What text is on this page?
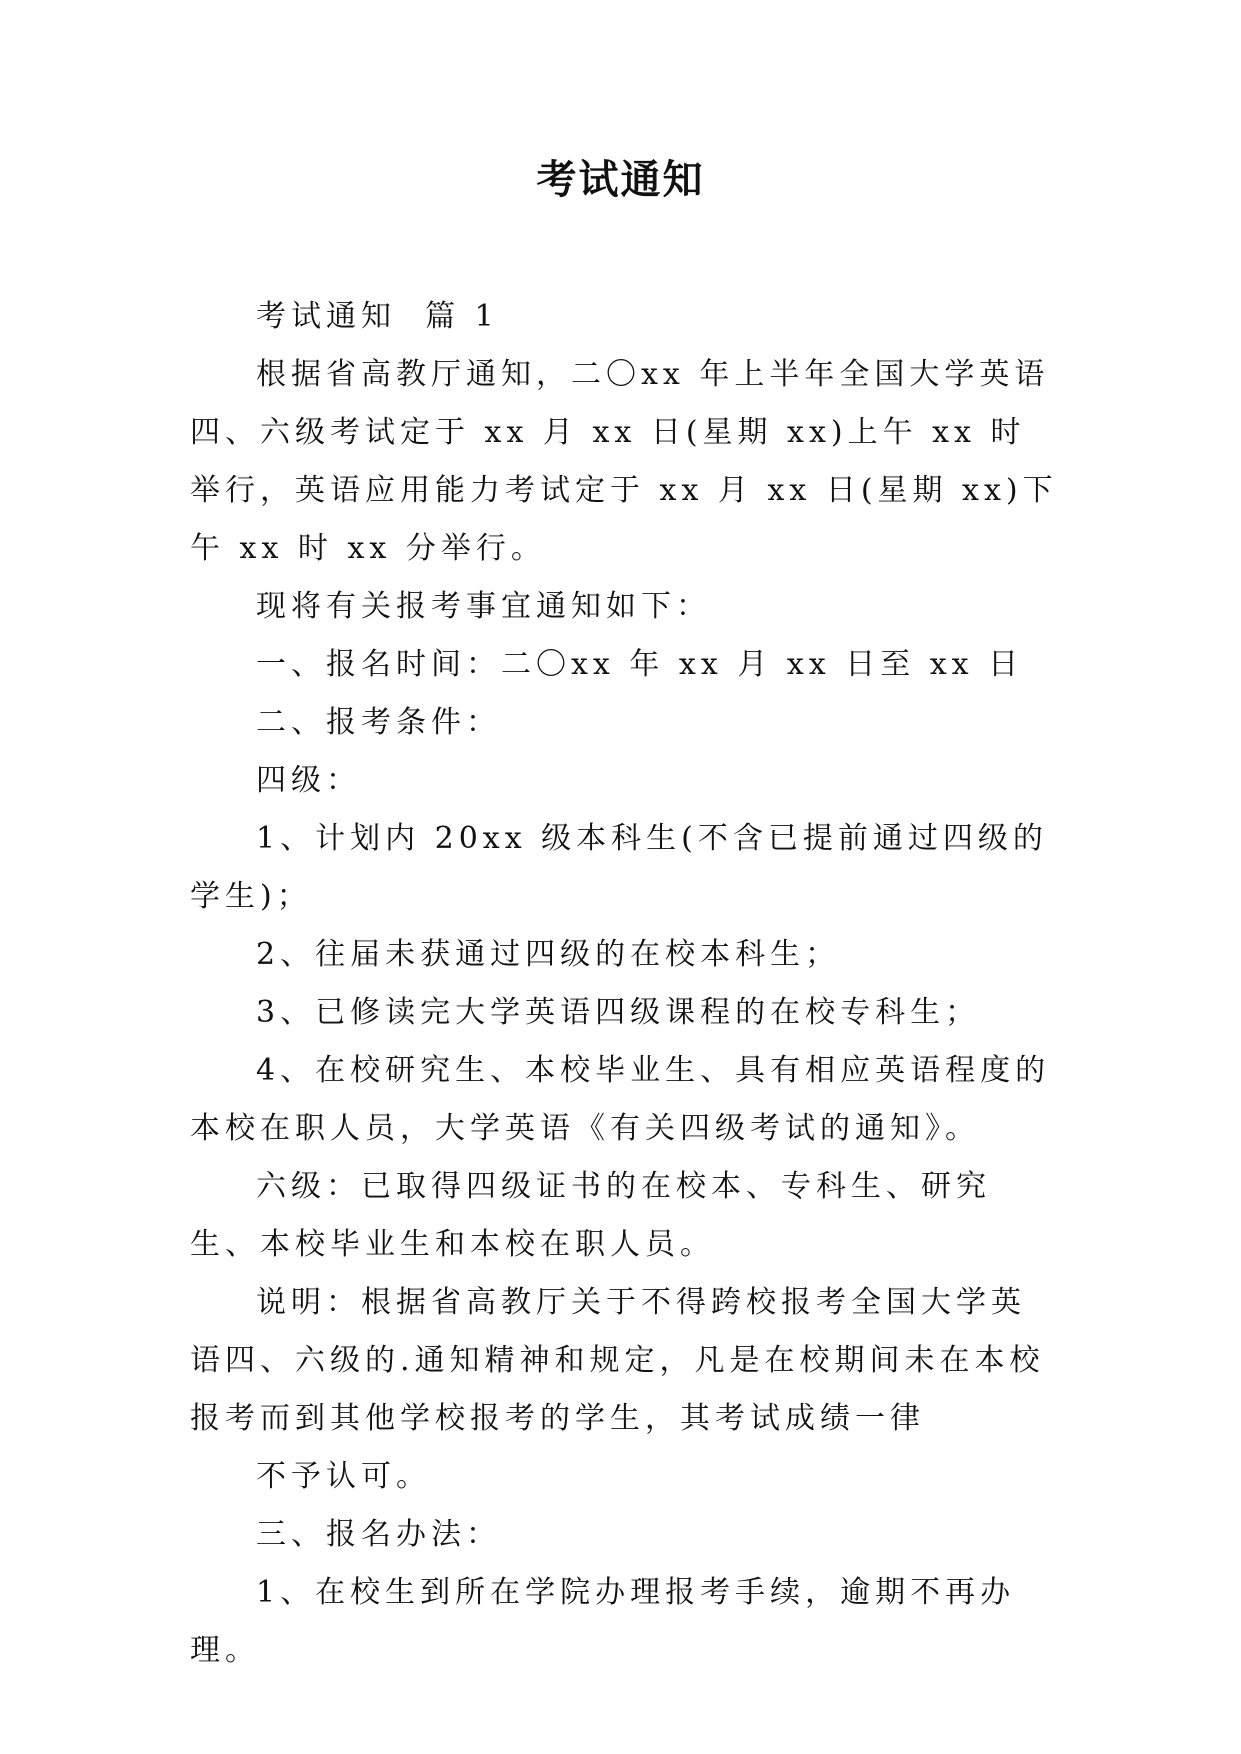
考试通知

考试通知  篇 1

根据省高教厅通知，二〇xx 年上半年全国大学英语四、六级考试定于 xx 月 xx 日(星期 xx)上午 xx 时举行，英语应用能力考试定于 xx 月 xx 日(星期 xx)下午 xx 时 xx 分举行。

现将有关报考事宜通知如下：

一、报名时间：二〇xx 年 xx 月 xx 日至 xx 日

二、报考条件：

四级：

1、计划内 20xx 级本科生(不含已提前通过四级的学生)；

2、往届未获通过四级的在校本科生；

3、已修读完大学英语四级课程的在校专科生；

4、在校研究生、本校毕业生、具有相应英语程度的本校在职人员，大学英语《有关四级考试的通知》。

六级：已取得四级证书的在校本、专科生、研究生、本校毕业生和本校在职人员。

说明：根据省高教厅关于不得跨校报考全国大学英语四、六级的.通知精神和规定，凡是在校期间未在本校报考而到其他学校报考的学生，其考试成绩一律

不予认可。

三、报名办法：

1、在校生到所在学院办理报考手续，逾期不再办理。
